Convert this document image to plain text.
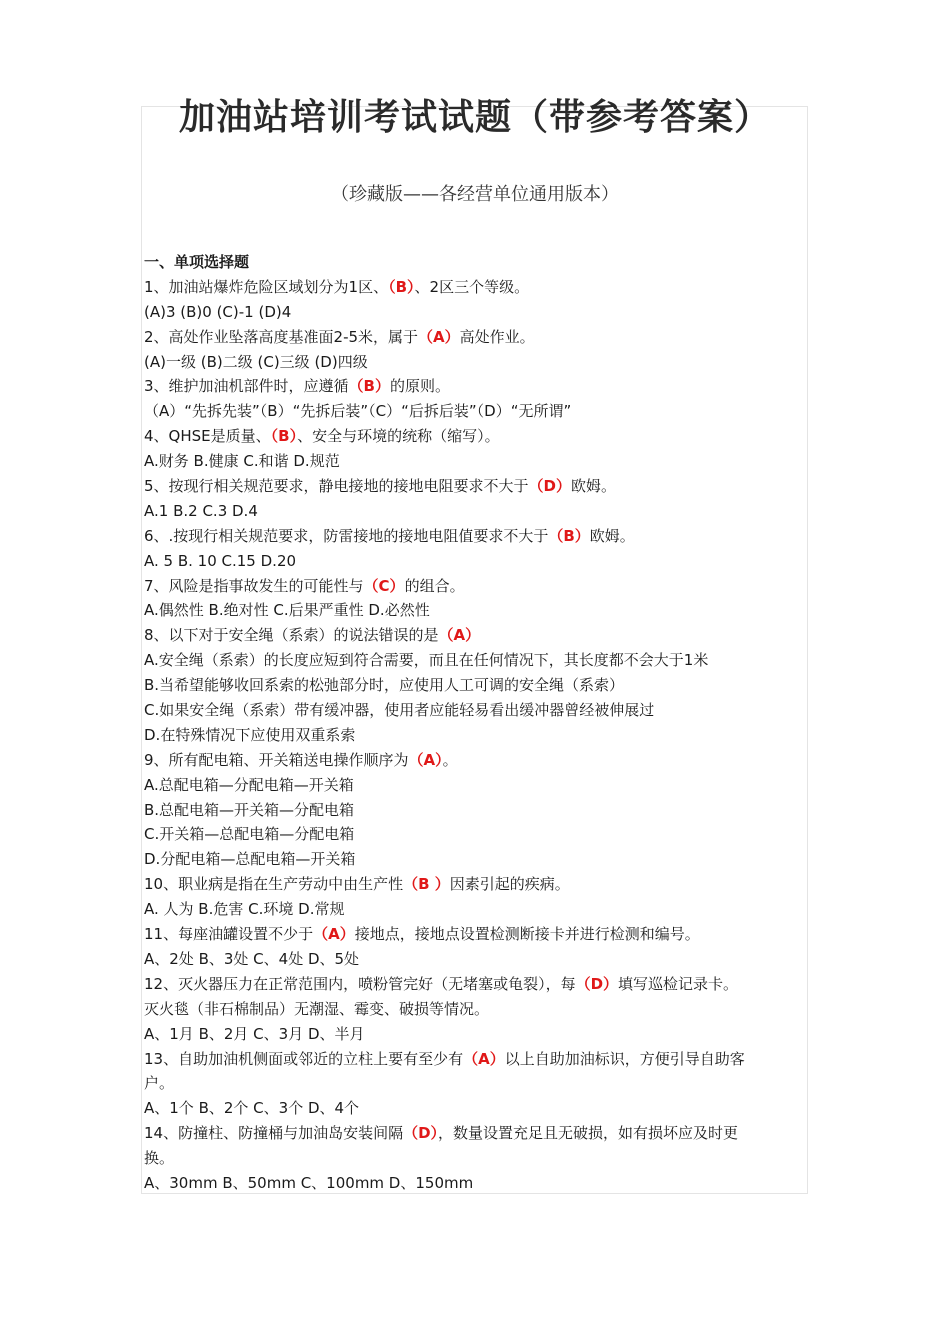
加油站培训考试试题（带参考答案）
（珍藏版——各经营单位通用版本）
一、单项选择题
1、加油站爆炸危险区域划分为1区、（B）、2区三个等级。
(A)3 (B)0 (C)-1 (D)4
2、高处作业坠落高度基准面2-5米，属于（A）高处作业。
(A)一级 (B)二级 (C)三级 (D)四级
3、维护加油机部件时，应遵循（B）的原则。
（A）“先拆先装”（B）“先拆后装”（C）“后拆后装”（D）“无所谓”
4、QHSE是质量、（B）、安全与环境的统称（缩写）。
A.财务 B.健康 C.和谐 D.规范
5、按现行相关规范要求，静电接地的接地电阻要求不大于（D）欧姆。
A.1 B.2 C.3 D.4
6、.按现行相关规范要求，防雷接地的接地电阻值要求不大于（B）欧姆。
A. 5 B. 10 C.15 D.20
7、风险是指事故发生的可能性与（C）的组合。
A.偶然性 B.绝对性 C.后果严重性 D.必然性
8、以下对于安全绳（系索）的说法错误的是（A）
A.安全绳（系索）的长度应短到符合需要，而且在任何情况下，其长度都不会大于1米
B.当希望能够收回系索的松弛部分时，应使用人工可调的安全绳（系索）
C.如果安全绳（系索）带有缓冲器，使用者应能轻易看出缓冲器曾经被伸展过
D.在特殊情况下应使用双重系索
9、所有配电箱、开关箱送电操作顺序为（A）。
A.总配电箱—分配电箱—开关箱
B.总配电箱—开关箱—分配电箱
C.开关箱—总配电箱—分配电箱
D.分配电箱—总配电箱—开关箱
10、职业病是指在生产劳动中由生产性（B ）因素引起的疾病。
A. 人为 B.危害 C.环境 D.常规
11、每座油罐设置不少于（A）接地点，接地点设置检测断接卡并进行检测和编号。
A、2处 B、3处 C、4处 D、5处
12、灭火器压力在正常范围内，喷粉管完好（无堵塞或龟裂），每（D）填写巡检记录卡。
灭火毯（非石棉制品）无潮湿、霉变、破损等情况。
A、1月 B、2月 C、3月 D、半月
13、自助加油机侧面或邻近的立柱上要有至少有（A）以上自助加油标识，方便引导自助客
户。
A、1个 B、2个 C、3个 D、4个
14、防撞柱、防撞桶与加油岛安装间隔（D），数量设置充足且无破损，如有损坏应及时更
换。
A、30mm B、50mm C、100mm D、150mm
